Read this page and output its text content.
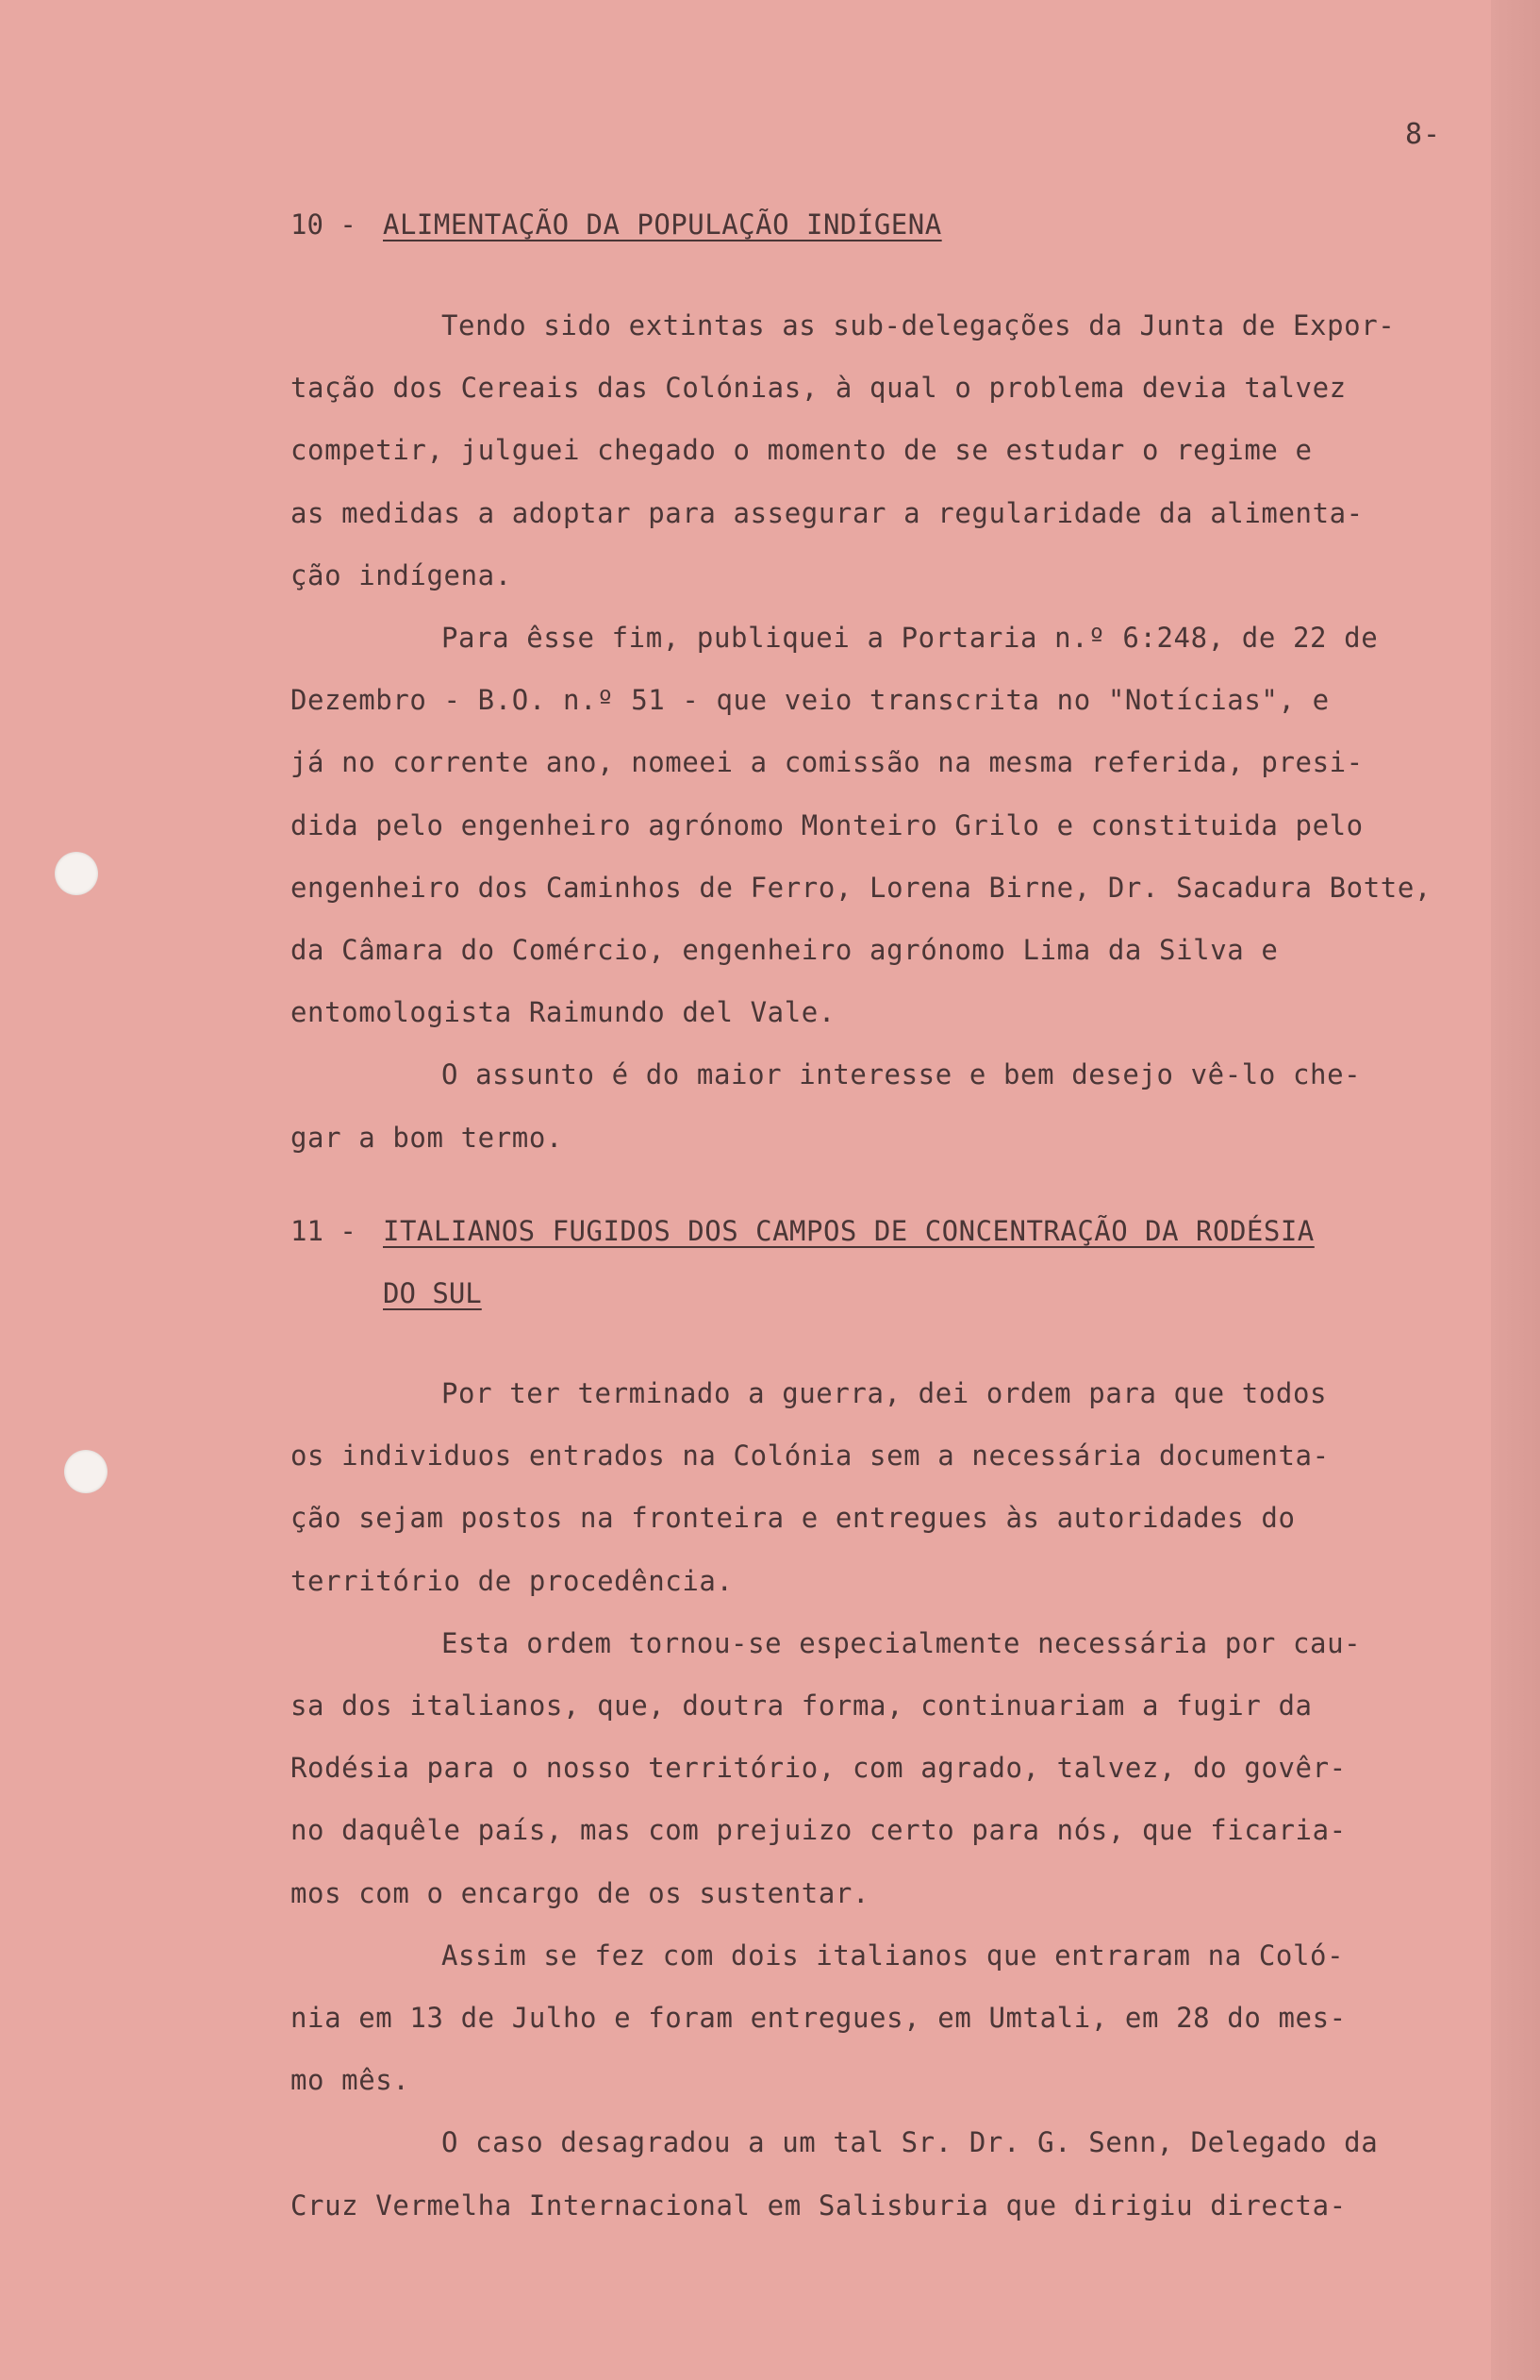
8-
10 - ALIMENTAÇÃO DA POPULAÇÃO INDÍGENA
Tendo sido extintas as sub-delegações da Junta de Expor-
tação dos Cereais das Colónias, à qual o problema devia talvez
competir, julguei chegado o momento de se estudar o regime e
as medidas a adoptar para assegurar a regularidade da alimenta-
ção indígena.
Para êsse fim, publiquei a Portaria n.º 6:248, de 22 de
Dezembro - B.O. n.º 51 - que veio transcrita no "Notícias", e
já no corrente ano, nomeei a comissão na mesma referida, presi-
dida pelo engenheiro agrónomo Monteiro Grilo e constituida pelo
engenheiro dos Caminhos de Ferro, Lorena Birne, Dr. Sacadura Botte,
da Câmara do Comércio, engenheiro agrónomo Lima da Silva e
entomologista Raimundo del Vale.
O assunto é do maior interesse e bem desejo vê-lo che-
gar a bom termo.
11 - ITALIANOS FUGIDOS DOS CAMPOS DE CONCENTRAÇÃO DA RODÉSIA
DO SUL
Por ter terminado a guerra, dei ordem para que todos
os individuos entrados na Colónia sem a necessária documenta-
ção sejam postos na fronteira e entregues às autoridades do
território de procedência.
Esta ordem tornou-se especialmente necessária por cau-
sa dos italianos, que, doutra forma, continuariam a fugir da
Rodésia para o nosso território, com agrado, talvez, do govêr-
no daquêle país, mas com prejuizo certo para nós, que ficaria-
mos com o encargo de os sustentar.
Assim se fez com dois italianos que entraram na Coló-
nia em 13 de Julho e foram entregues, em Umtali, em 28 do mes-
mo mês.
O caso desagradou a um tal Sr. Dr. G. Senn, Delegado da
Cruz Vermelha Internacional em Salisburia que dirigiu directa-
